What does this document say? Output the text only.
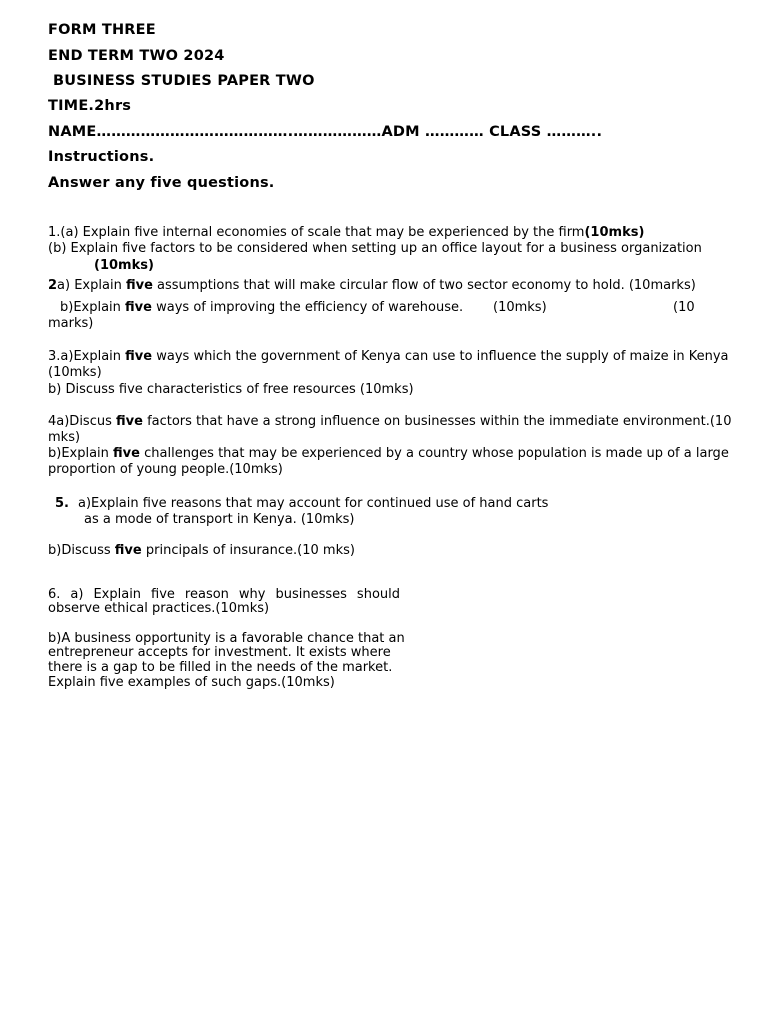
FORM THREE
END TERM TWO 2024
BUSINESS STUDIES PAPER TWO
TIME.2hrs
NAME………………………………….………………ADM ………… CLASS ………..
Instructions.
Answer any five questions.
1.(a) Explain five internal economies of scale that may be experienced by the firm(10mks)
(b) Explain five factors to be considered when setting up an office layout for a business organization
(10mks)
2a) Explain five assumptions that will make circular flow of two sector economy to hold. (10marks)
b)Explain five ways of improving the efficiency of warehouse.	(10mks)	(10
marks)
3.a)Explain five ways which the government of Kenya can use to influence the supply of maize in Kenya
(10mks)
b) Discuss five characteristics of free resources (10mks)
4a)Discus five factors that have a strong influence on businesses within the immediate environment.(10
mks)
b)Explain five challenges that may be experienced by a country whose population is made up of a large
proportion of young people.(10mks)
5. a)Explain five reasons that may account for continued use of hand carts
as a mode of transport in Kenya. (10mks)
b)Discuss five principals of insurance.(10 mks)
6. a) Explain five reason why businesses should
observe ethical practices.(10mks)
b)A business opportunity is a favorable chance that an
entrepreneur accepts for investment. It exists where
there is a gap to be filled in the needs of the market.
Explain five examples of such gaps.(10mks)
